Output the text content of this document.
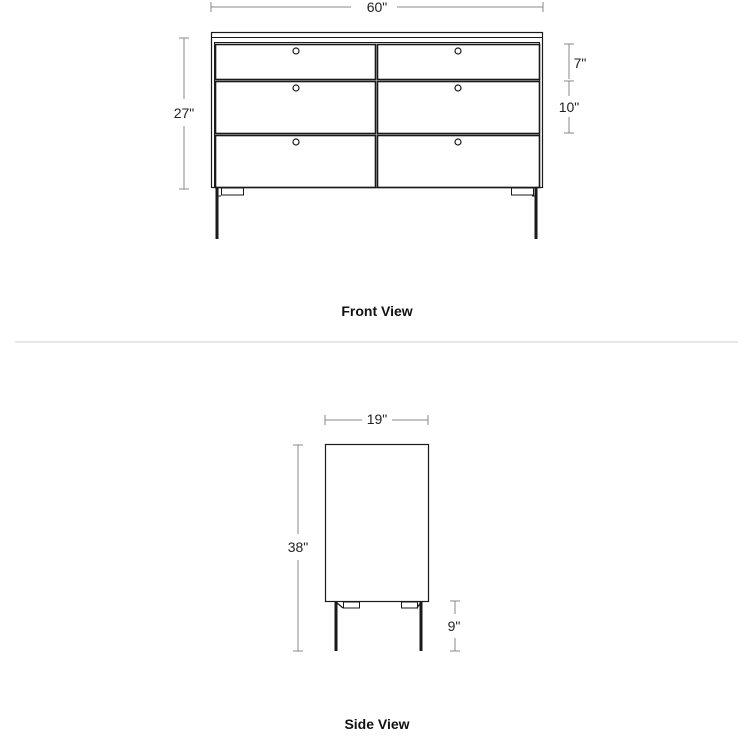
60"
27"
7"
10"
Front View
19"
38"
9"
Side View
